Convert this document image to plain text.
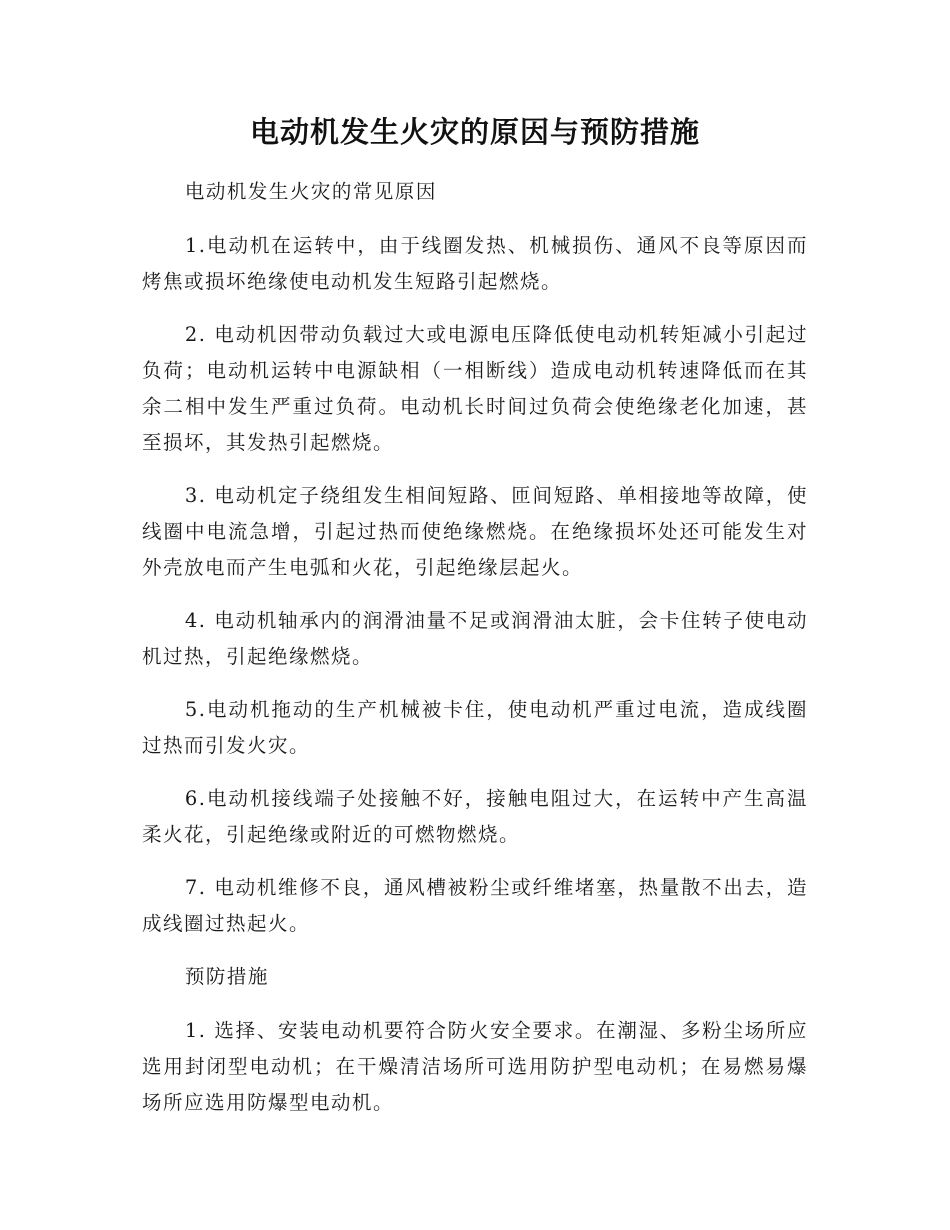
电动机发生火灾的原因与预防措施

电动机发生火灾的常见原因

1.电动机在运转中，由于线圈发热、机械损伤、通风不良等原因而烤焦或损坏绝缘使电动机发生短路引起燃烧。

2. 电动机因带动负载过大或电源电压降低使电动机转矩减小引起过负荷；电动机运转中电源缺相（一相断线）造成电动机转速降低而在其余二相中发生严重过负荷。电动机长时间过负荷会使绝缘老化加速，甚至损坏，其发热引起燃烧。

3. 电动机定子绕组发生相间短路、匝间短路、单相接地等故障，使线圈中电流急增，引起过热而使绝缘燃烧。在绝缘损坏处还可能发生对外壳放电而产生电弧和火花，引起绝缘层起火。

4. 电动机轴承内的润滑油量不足或润滑油太脏，会卡住转子使电动机过热，引起绝缘燃烧。

5.电动机拖动的生产机械被卡住，使电动机严重过电流，造成线圈过热而引发火灾。

6.电动机接线端子处接触不好，接触电阻过大，在运转中产生高温柔火花，引起绝缘或附近的可燃物燃烧。

7. 电动机维修不良，通风槽被粉尘或纤维堵塞，热量散不出去，造成线圈过热起火。

预防措施

1. 选择、安装电动机要符合防火安全要求。在潮湿、多粉尘场所应选用封闭型电动机；在干燥清洁场所可选用防护型电动机；在易燃易爆场所应选用防爆型电动机。
